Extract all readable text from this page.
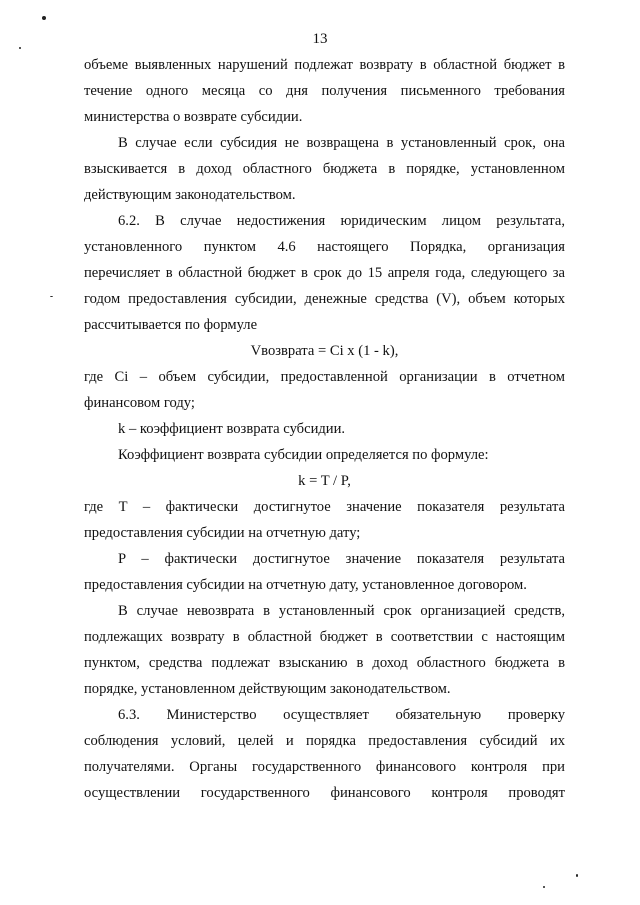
13
объеме выявленных нарушений подлежат возврату в областной бюджет в
течение одного месяца со дня получения письменного требования
министерства о возврате субсидии.
В случае если субсидия не возвращена в установленный срок, она
взыскивается в доход областного бюджета в порядке, установленном
действующим законодательством.
6.2. В случае недостижения юридическим лицом результата,
установленного пунктом 4.6 настоящего Порядка, организация
перечисляет в областной бюджет в срок до 15 апреля года, следующего за
годом предоставления субсидии, денежные средства (V), объем которых
рассчитывается по формуле
Vвозврата = Ci x (1 - k),
где Ci – объем субсидии, предоставленной организации в отчетном
финансовом году;
k – коэффициент возврата субсидии.
Коэффициент возврата субсидии определяется по формуле:
k = T / P,
где T – фактически достигнутое значение показателя результата
предоставления субсидии на отчетную дату;
P – фактически достигнутое значение показателя результата
предоставления субсидии на отчетную дату, установленное договором.
В случае невозврата в установленный срок организацией средств,
подлежащих возврату в областной бюджет в соответствии с настоящим
пунктом, средства подлежат взысканию в доход областного бюджета в
порядке, установленном действующим законодательством.
6.3. Министерство осуществляет обязательную проверку
соблюдения условий, целей и порядка предоставления субсидий их
получателями. Органы государственного финансового контроля при
осуществлении государственного финансового контроля проводят
